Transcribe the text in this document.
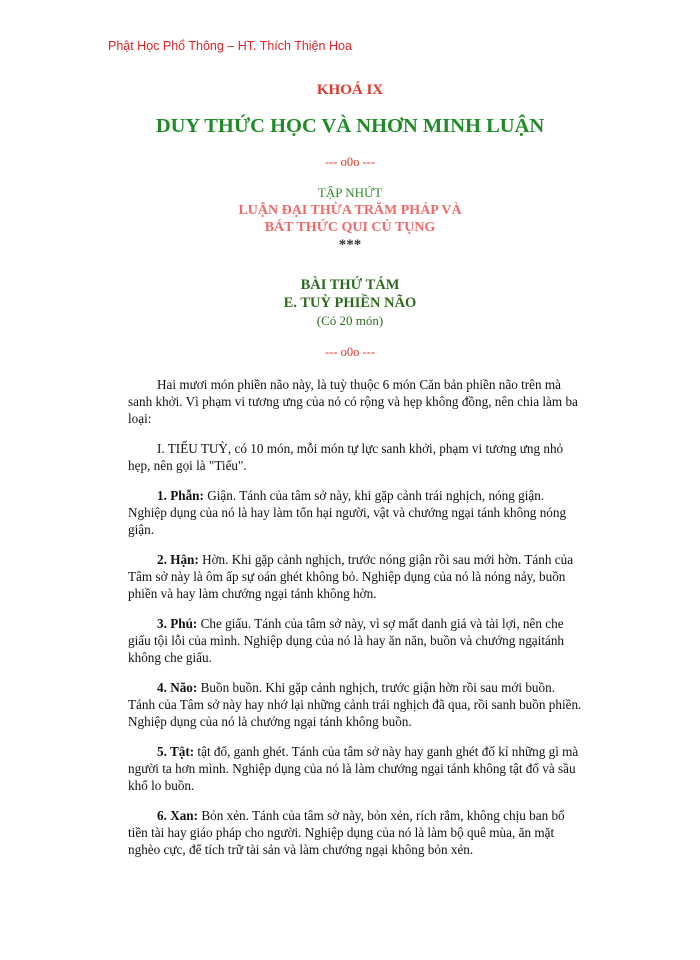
Phật Học Phổ Thông – HT. Thích Thiện Hoa
KHOÁ IX
DUY THỨC HỌC VÀ NHƠN MINH LUẬN
--- o0o ---
TẬP NHỨT
LUẬN ĐẠI THỪA TRĂM PHÁP VÀ
BÁT THỨC QUI CỦ TỤNG
***
BÀI THỨ TÁM
E. TUỲ PHIỀN NÃO
(Có 20 món)
--- o0o ---
Hai mươi món phiền não này, là tuỳ thuộc 6 món Căn bản phiền não trên mà
sanh khởi. Vì phạm vi tương ưng của nó có rộng và hẹp không đồng, nên chia làm ba
loại:
I. TIỂU TUỲ, có 10 món, mỗi món tự lực sanh khởi, phạm vi tương ưng nhỏ
hẹp, nên gọi là "Tiểu".
1. Phẫn: Giận. Tánh của tâm sở này, khi gặp cảnh trái nghịch, nóng giận.
Nghiệp dụng của nó là hay làm tổn hại người, vật và chướng ngại tánh không nóng
giận.
2. Hận: Hờn. Khi gặp cảnh nghịch, trước nóng giận rồi sau mới hờn. Tánh của
Tâm sở này là ôm ấp sự oán ghét không bỏ. Nghiệp dụng của nó là nóng nảy, buồn
phiền và hay làm chướng ngại tánh không hờn.
3. Phú: Che giấu. Tánh của tâm sở này, vì sợ mất danh giá và tài lợi, nên che
giấu tội lỗi của mình. Nghiệp dụng của nó là hay ăn năn, buồn và chướng ngạitánh
không che giấu.
4. Não: Buồn buồn. Khi gặp cảnh nghịch, trước giận hờn rồi sau mới buồn.
Tánh của Tâm sở này hay nhớ lại những cảnh trái nghịch đã qua, rồi sanh buồn phiền.
Nghiệp dụng của nó là chướng ngại tánh không buồn.
5. Tật: tật đố, ganh ghét. Tánh của tâm sở này hay ganh ghét đố kỉ những gì mà
người ta hơn mình. Nghiệp dụng của nó là làm chướng ngại tánh không tật đố và sầu
khổ lo buồn.
6. Xan: Bỏn xẻn. Tánh của tâm sở này, bỏn xẻn, rích rắm, không chịu ban bố
tiền tài hay giáo pháp cho người. Nghiệp dụng của nó là làm bộ quê mùa, ăn mặt
nghèo cực, để tích trữ tài sản và làm chướng ngại không bỏn xẻn.
